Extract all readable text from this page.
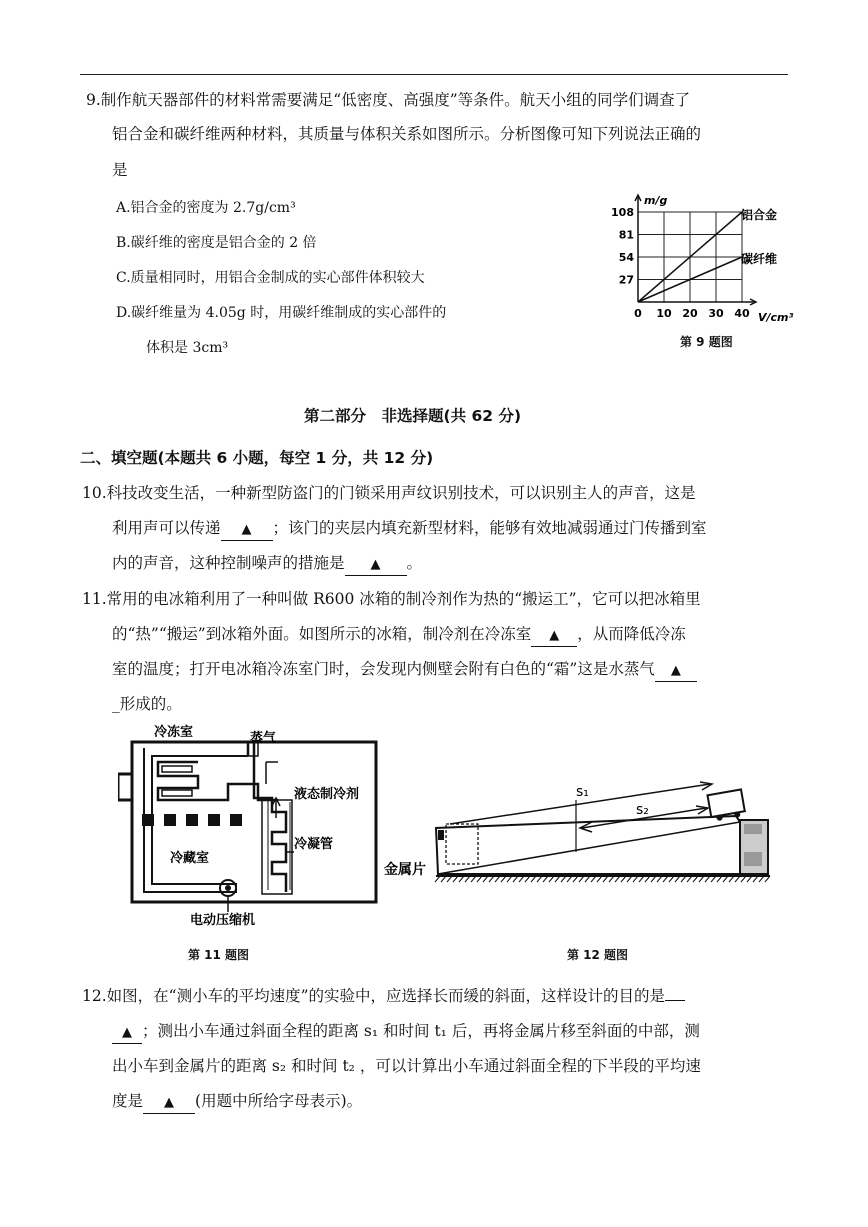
9.制作航天器部件的材料常需要满足“低密度、高强度”等条件。航天小组的同学们调查了
铝合金和碳纤维两种材料，其质量与体积关系如图所示。分析图像可知下列说法正确的
是
A.铝合金的密度为 2.7g/cm³
B.碳纤维的密度是铝合金的 2 倍
C.质量相同时，用铝合金制成的实心部件体积较大
D.碳纤维量为 4.05g 时，用碳纤维制成的实心部件的
体积是 3cm³
108
81
54
27
0 10 20 30 40
m/g
V/cm³
铝合金
碳纤维
第 9 题图
第二部分　非选择题(共 62 分)
二、填空题(本题共 6 小题，每空 1 分，共 12 分)
10.科技改变生活，一种新型防盗门的门锁采用声纹识别技术，可以识别主人的声音，这是
利用声可以传递 ▲ ；该门的夹层内填充新型材料，能够有效地减弱通过门传播到室
内的声音，这种控制噪声的措施是 ▲ 。
11.常用的电冰箱利用了一种叫做 R600 冰箱的制冷剂作为热的“搬运工”，它可以把冰箱里
的“热”“搬运”到冰箱外面。如图所示的冰箱，制冷剂在冷冻室 ▲ ，从而降低冷冻
室的温度；打开电冰箱冷冻室门时，会发现内侧壁会附有白色的“霜”这是水蒸气 ▲
_形成的。
冷冻室	蒸气
液态制冷剂
冷藏室
冷凝管
电动压缩机
第 11 题图
s₁
s₂
金属片
第 12 题图
12.如图，在“测小车的平均速度”的实验中，应选择长而缓的斜面，这样设计的目的是
▲ ；测出小车通过斜面全程的距离 s₁ 和时间 t₁ 后，再将金属片移至斜面的中部，测
出小车到金属片的距离 s₂ 和时间 t₂ ，可以计算出小车通过斜面全程的下半段的平均速
度是 ▲ (用题中所给字母表示)。
